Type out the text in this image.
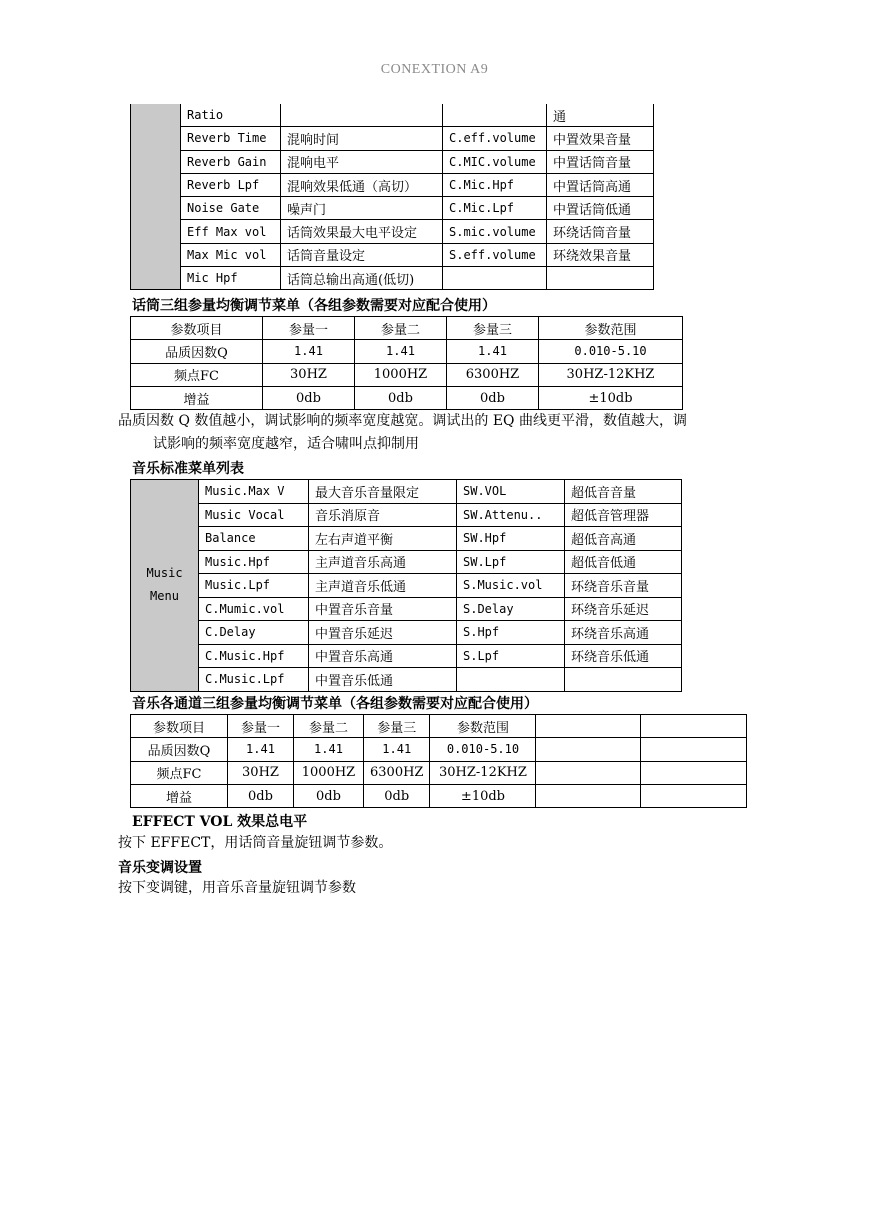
CONEXTION A9
	Ratio			通
	Reverb Time	混响时间	C.eff.volume	中置效果音量
	Reverb Gain	混响电平	C.MIC.volume	中置话筒音量
	Reverb Lpf	混响效果低通（高切）	C.Mic.Hpf	中置话筒高通
	Noise Gate	噪声门	C.Mic.Lpf	中置话筒低通
	Eff Max vol	话筒效果最大电平设定	S.mic.volume	环绕话筒音量
	Max Mic vol	话筒音量设定	S.eff.volume	环绕效果音量
	Mic Hpf	话筒总输出高通(低切)		
话筒三组参量均衡调节菜单（各组参数需要对应配合使用）
参数项目	参量一	参量二	参量三	参数范围
品质因数Q	1.41	1.41	1.41	0.010-5.10
频点FC	30HZ	1000HZ	6300HZ	30HZ-12KHZ
增益	0db	0db	0db	±10db
品质因数 Q 数值越小，调试影响的频率宽度越宽。调试出的 EQ 曲线更平滑，数值越大，调
试影响的频率宽度越窄，适合啸叫点抑制用
音乐标准菜单列表
Music
Menu	Music.Max V	最大音乐音量限定	SW.VOL	超低音音量
	Music Vocal	音乐消原音	SW.Attenu..	超低音管理器
	Balance	左右声道平衡	SW.Hpf	超低音高通
	Music.Hpf	主声道音乐高通	SW.Lpf	超低音低通
	Music.Lpf	主声道音乐低通	S.Music.vol	环绕音乐音量
	C.Mumic.vol	中置音乐音量	S.Delay	环绕音乐延迟
	C.Delay	中置音乐延迟	S.Hpf	环绕音乐高通
	C.Music.Hpf	中置音乐高通	S.Lpf	环绕音乐低通
	C.Music.Lpf	中置音乐低通		
音乐各通道三组参量均衡调节菜单（各组参数需要对应配合使用）
参数项目	参量一	参量二	参量三	参数范围		
品质因数Q	1.41	1.41	1.41	0.010-5.10		
频点FC	30HZ	1000HZ	6300HZ	30HZ-12KHZ		
增益	0db	0db	0db	±10db		
EFFECT VOL 效果总电平
按下 EFFECT，用话筒音量旋钮调节参数。
音乐变调设置
按下变调键，用音乐音量旋钮调节参数
